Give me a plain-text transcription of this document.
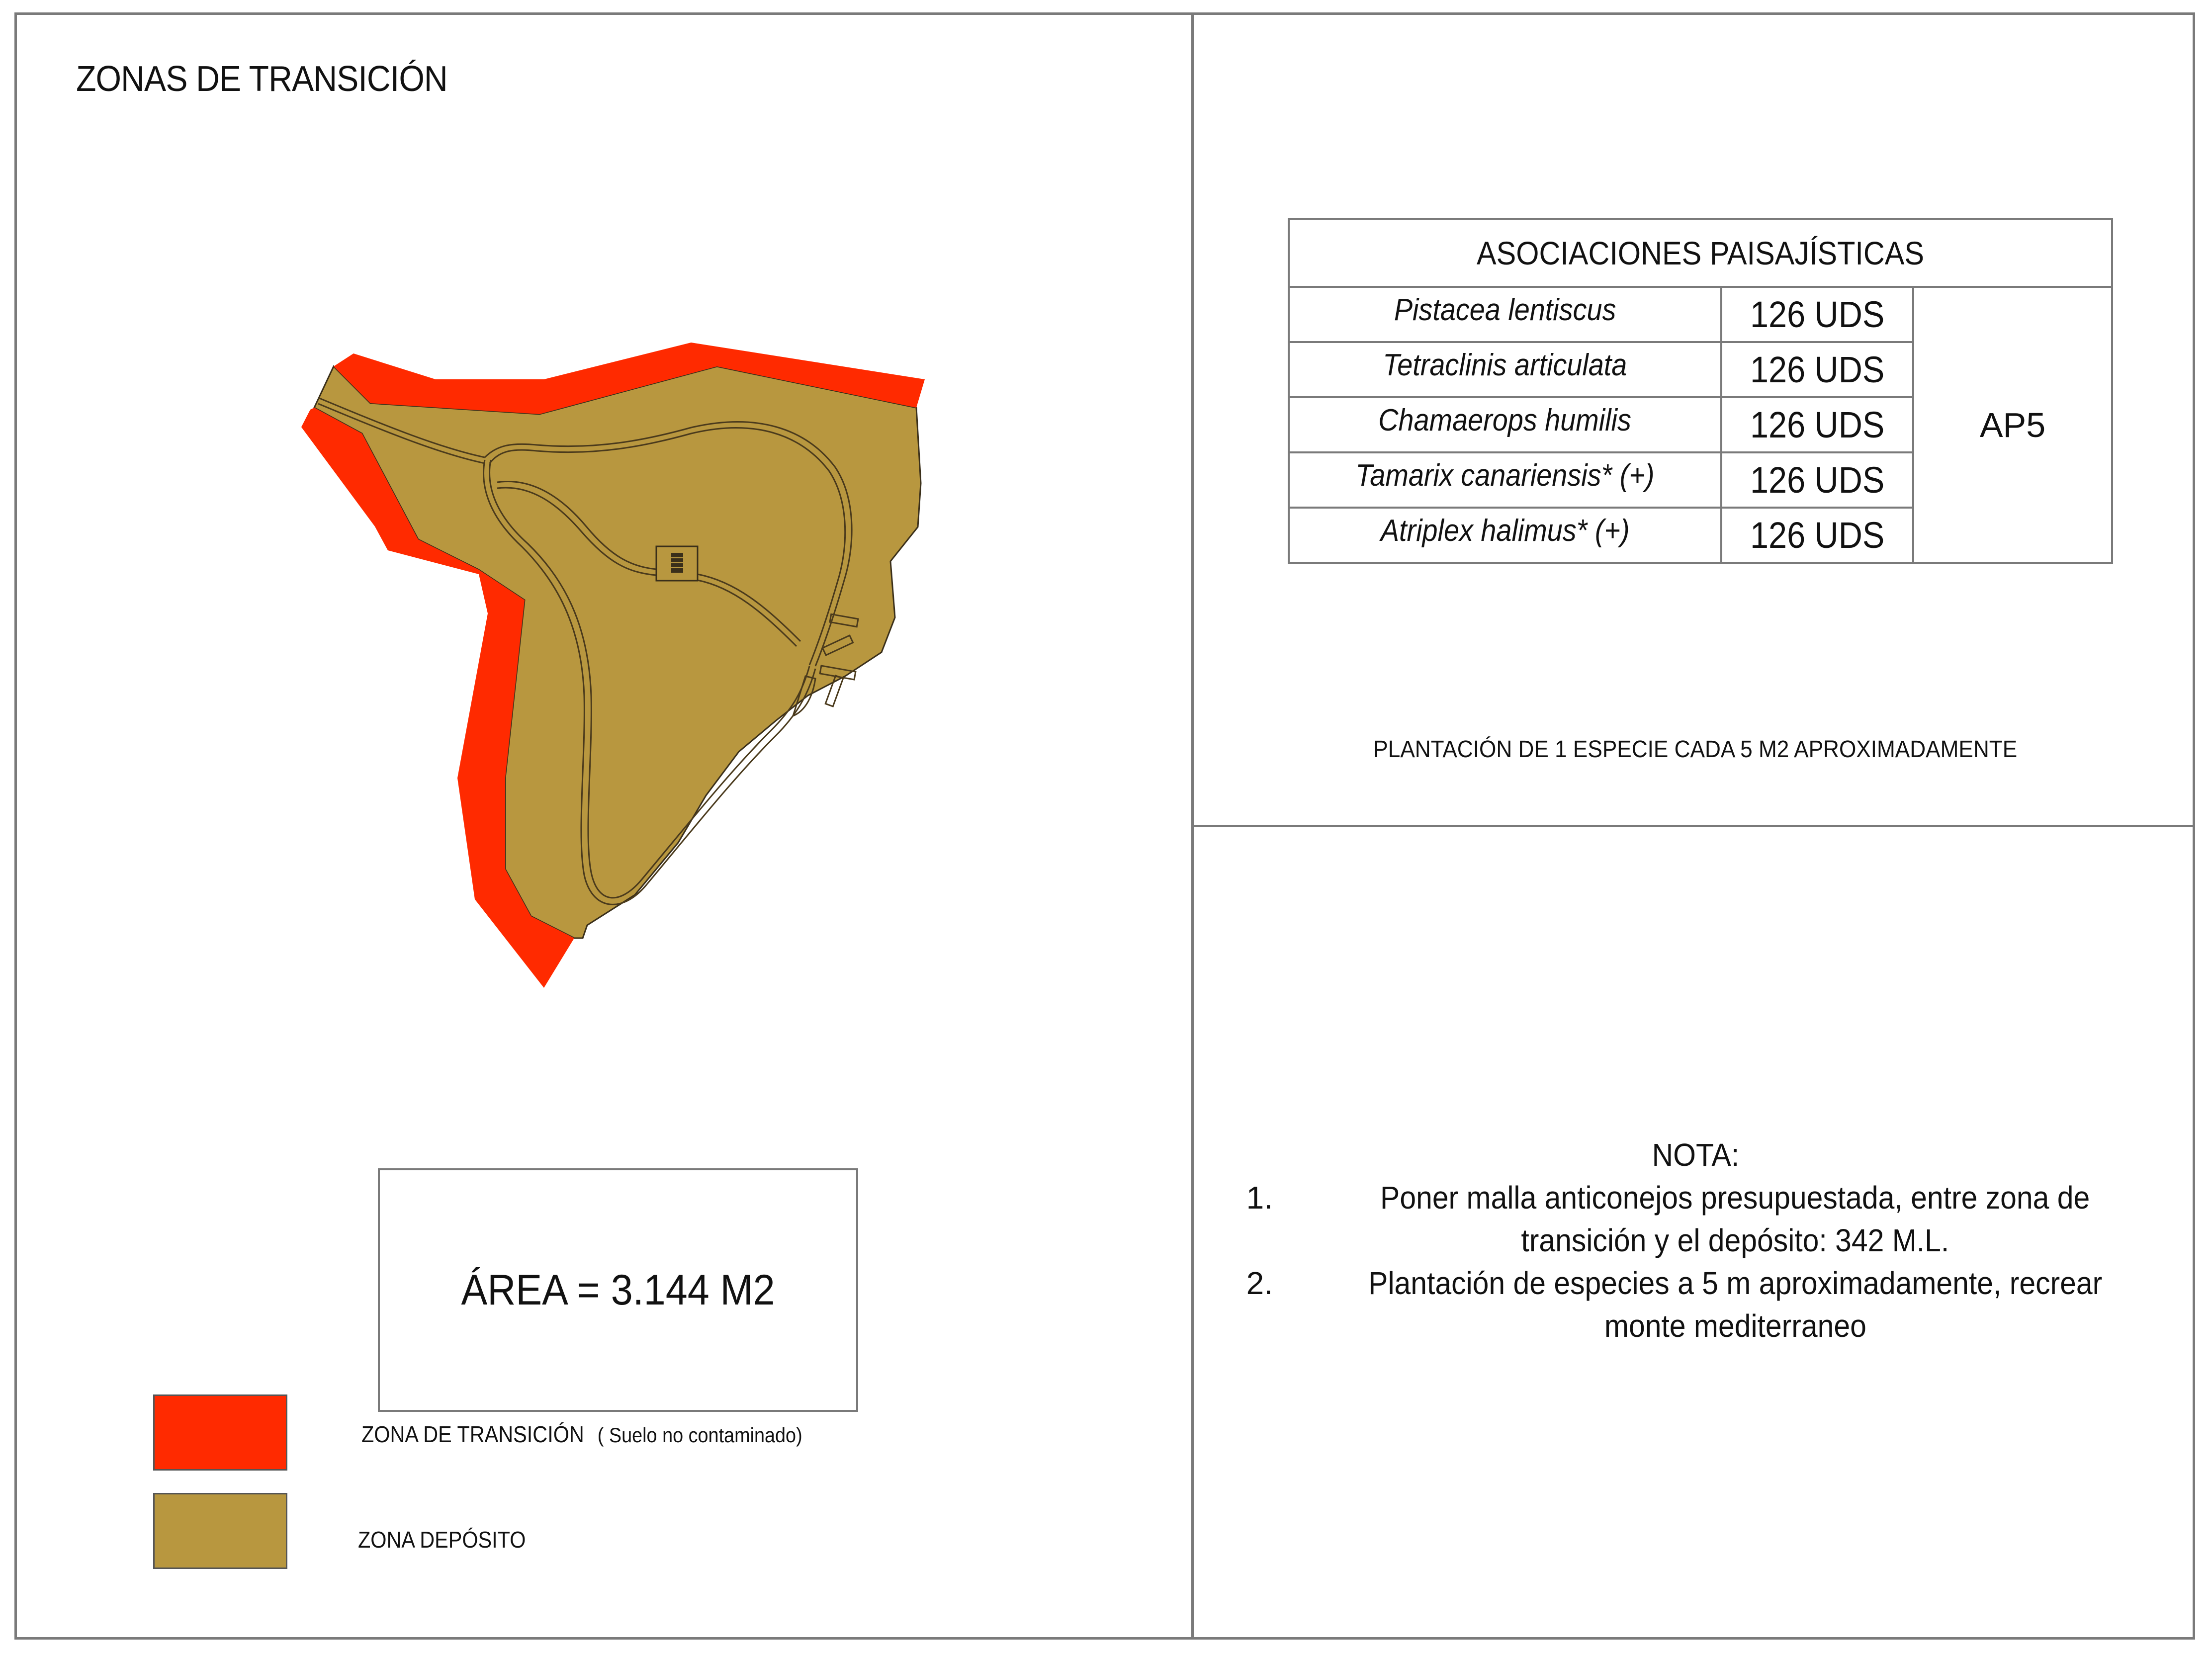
ZONAS DE TRANSICIÓN
ÁREA = 3.144 M2
ZONA DE TRANSICIÓN ( Suelo no contaminado)
ZONA DEPÓSITO
ASOCIACIONES PAISAJÍSTICAS		
Pistacea lentiscus	126 UDS	AP5
Tetraclinis articulata	126 UDS	
Chamaerops humilis	126 UDS	
Tamarix canariensis* (+)	126 UDS	
Atriplex halimus* (+)	126 UDS	
PLANTACIÓN DE 1 ESPECIE CADA 5 M2 APROXIMADAMENTE
NOTA:
1.	Poner malla anticonejos presupuestada, entre zona de
transición y el depósito: 342 M.L.
2.	Plantación de especies a 5 m aproximadamente, recrear
monte mediterraneo
